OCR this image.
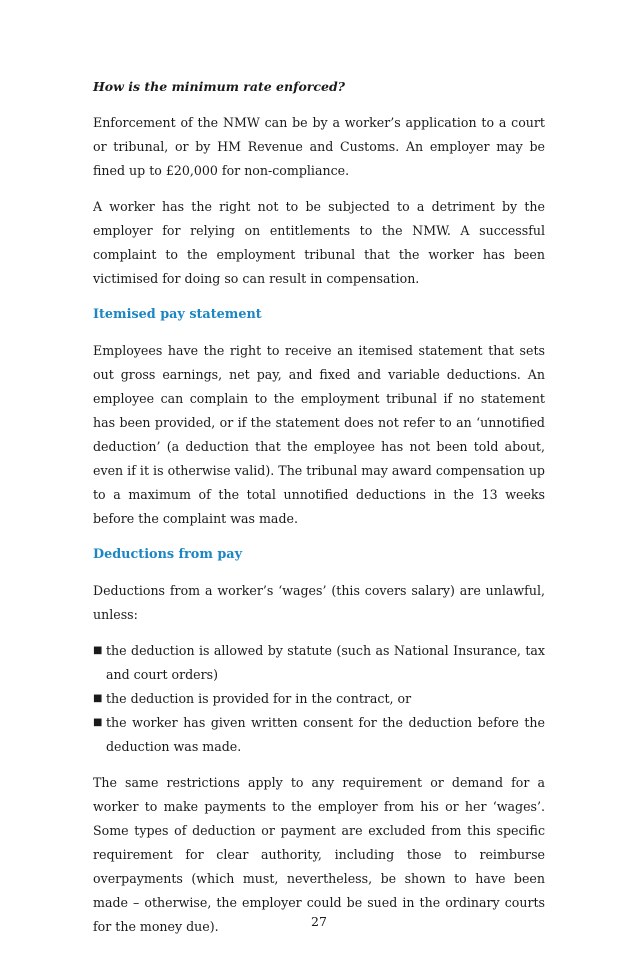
How is the minimum rate enforced?

Enforcement of the NMW can be by a worker’s application to a court or tribunal, or by HM Revenue and Customs. An employer may be fined up to £20,000 for non-compliance.

A worker has the right not to be subjected to a detriment by the employer for relying on entitlements to the NMW. A successful complaint to the employment tribunal that the worker has been victimised for doing so can result in compensation.

Itemised pay statement

Employees have the right to receive an itemised statement that sets out gross earnings, net pay, and fixed and variable deductions. An employee can complain to the employment tribunal if no statement has been provided, or if the statement does not refer to an ‘unnotified deduction’ (a deduction that the employee has not been told about, even if it is otherwise valid). The tribunal may award compensation up to a maximum of the total unnotified deductions in the 13 weeks before the complaint was made.

Deductions from pay

Deductions from a worker’s ‘wages’ (this covers salary) are unlawful, unless:

■ the deduction is allowed by statute (such as National Insurance, tax and court orders)
■ the deduction is provided for in the contract, or
■ the worker has given written consent for the deduction before the deduction was made.

The same restrictions apply to any requirement or demand for a worker to make payments to the employer from his or her ‘wages’. Some types of deduction or payment are excluded from this specific requirement for clear authority, including those to reimburse overpayments (which must, nevertheless, be shown to have been made – otherwise, the employer could be sued in the ordinary courts for the money due).	27
